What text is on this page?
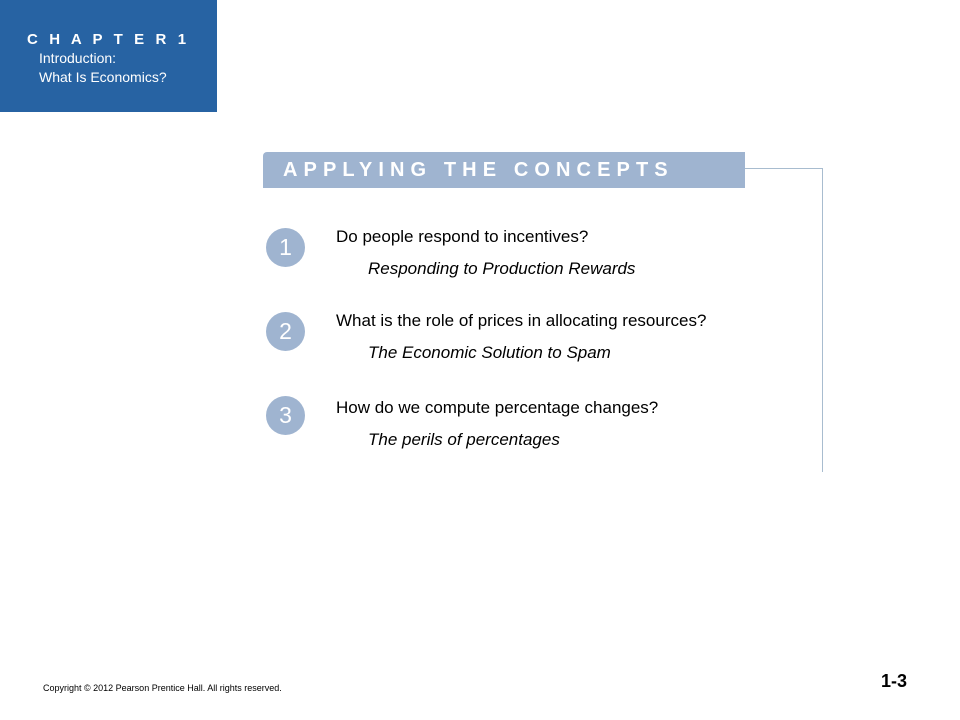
C H A P T E R 1
Introduction:
What Is Economics?
APPLYING THE CONCEPTS
1	Do people respond to incentives?
Responding to Production Rewards
2	What is the role of prices in allocating resources?
The Economic Solution to Spam
3	How do we compute percentage changes?
The perils of percentages
Copyright © 2012 Pearson Prentice Hall. All rights reserved.	1-3
